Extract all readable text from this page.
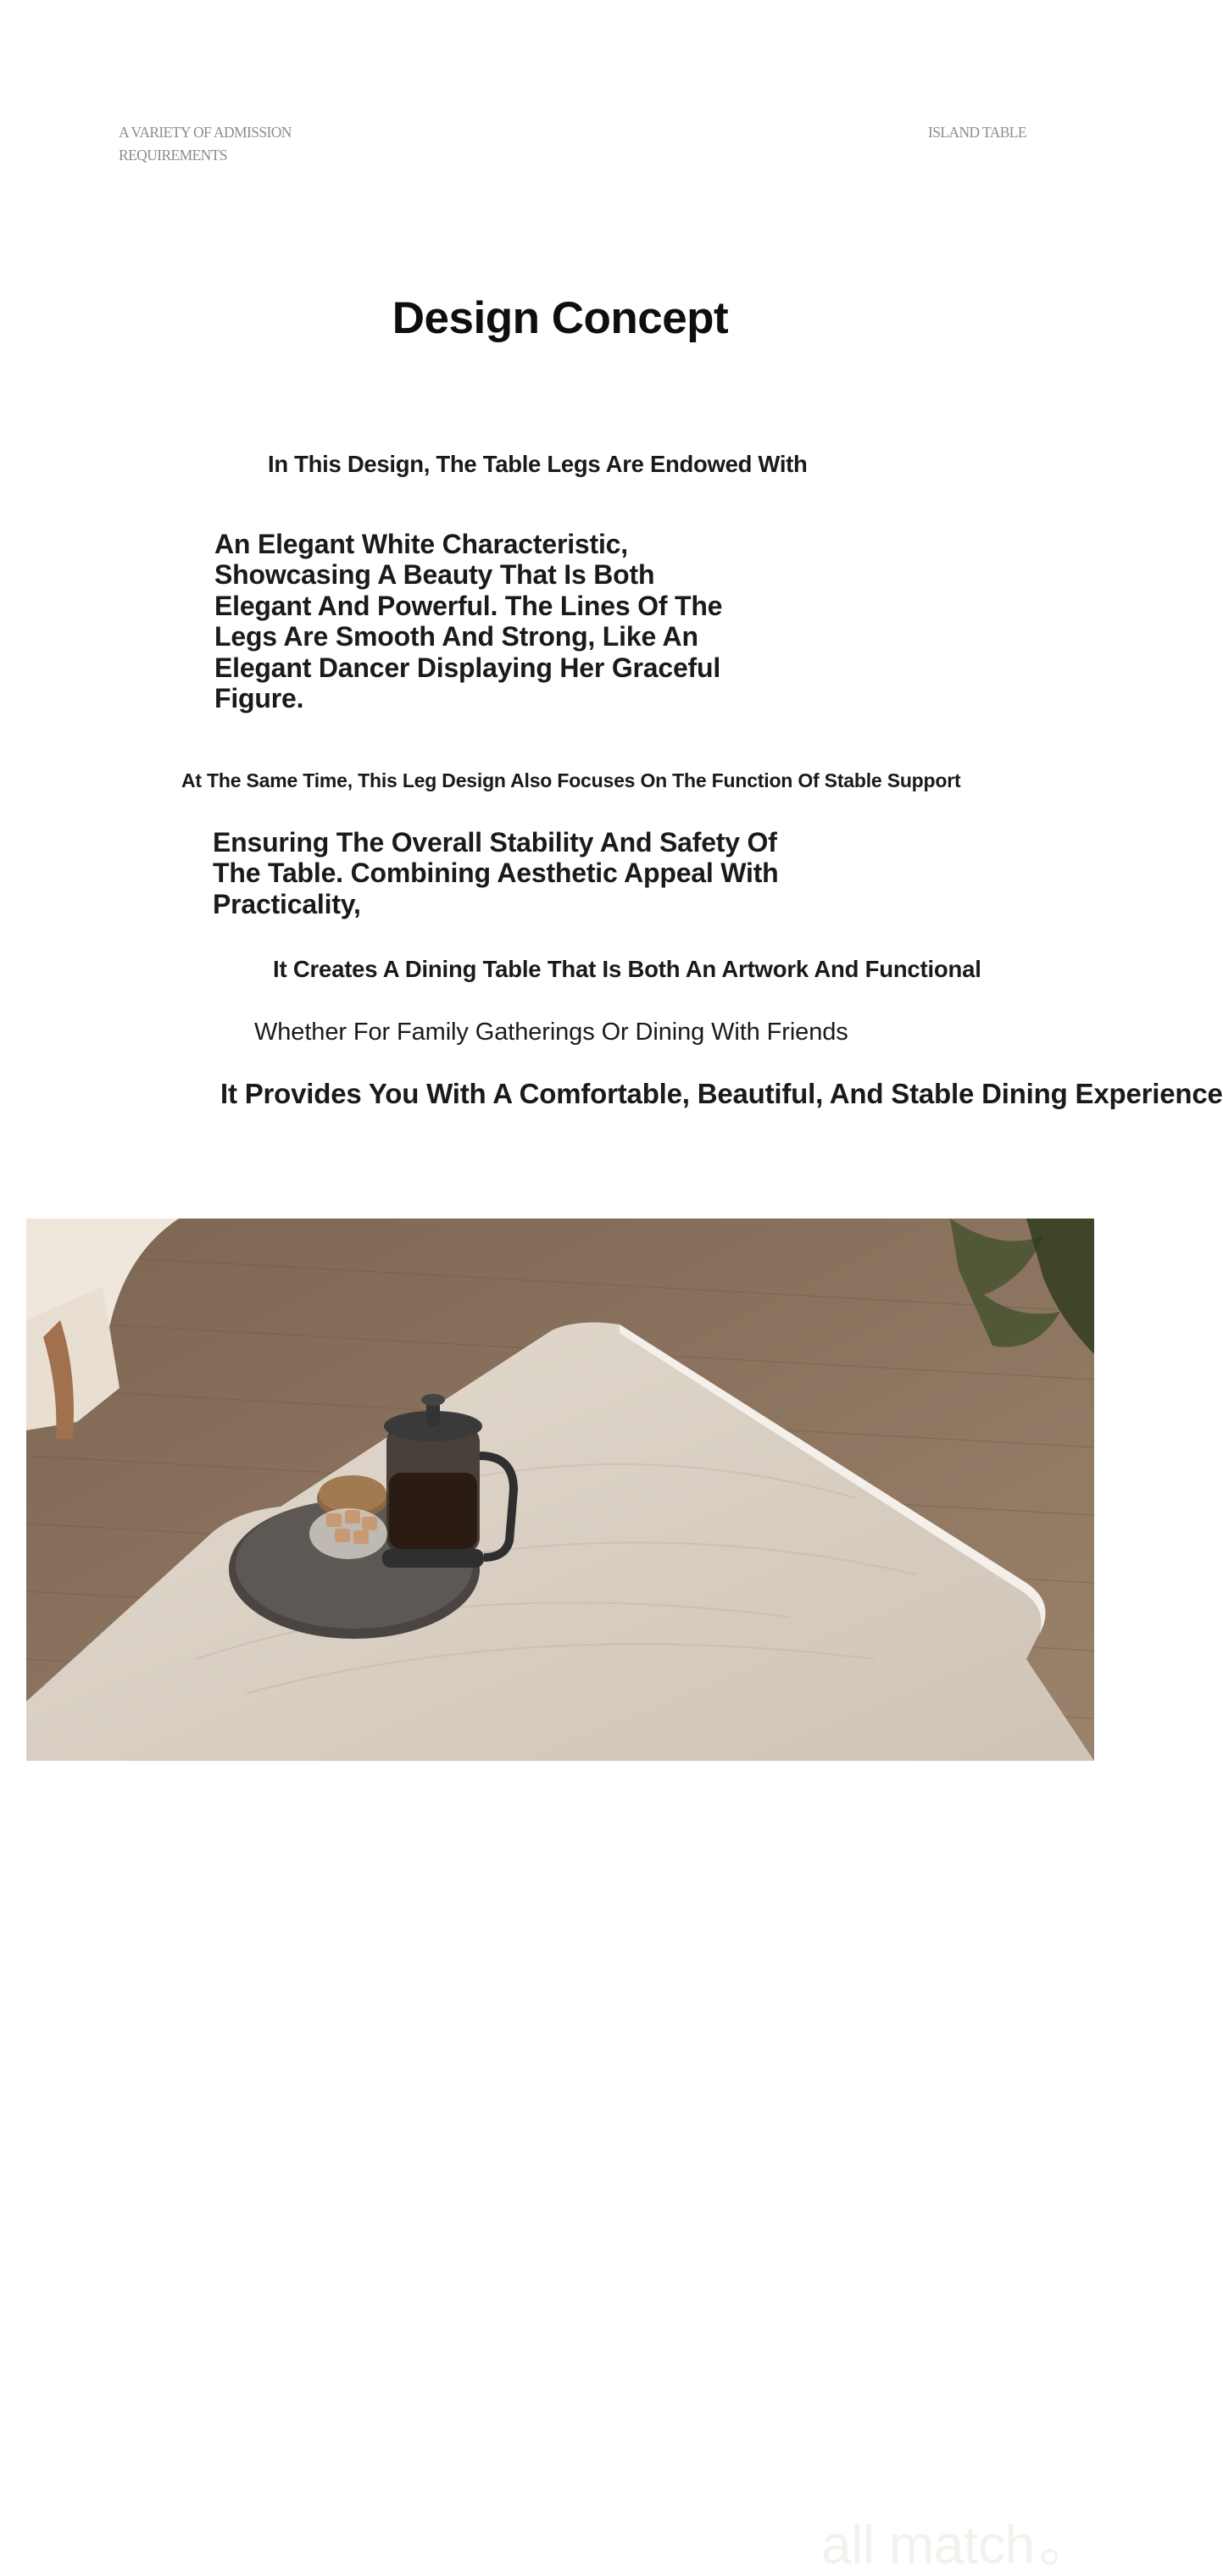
A VARIETY OF ADMISSION REQUIREMENTS
ISLAND TABLE
Design Concept
In This Design, The Table Legs Are Endowed With
An Elegant White Characteristic, Showcasing A Beauty That Is Both Elegant And Powerful. The Lines Of The Legs Are Smooth And Strong, Like An Elegant Dancer Displaying Her Graceful Figure.
At The Same Time, This Leg Design Also Focuses On The Function Of Stable Support
Ensuring The Overall Stability And Safety Of The Table. Combining Aesthetic Appeal With Practicality,
It Creates A Dining Table That Is Both An Artwork And Functional
Whether For Family Gatherings Or Dining With Friends
It Provides You With A Comfortable, Beautiful, And Stable Dining Experience
all match
